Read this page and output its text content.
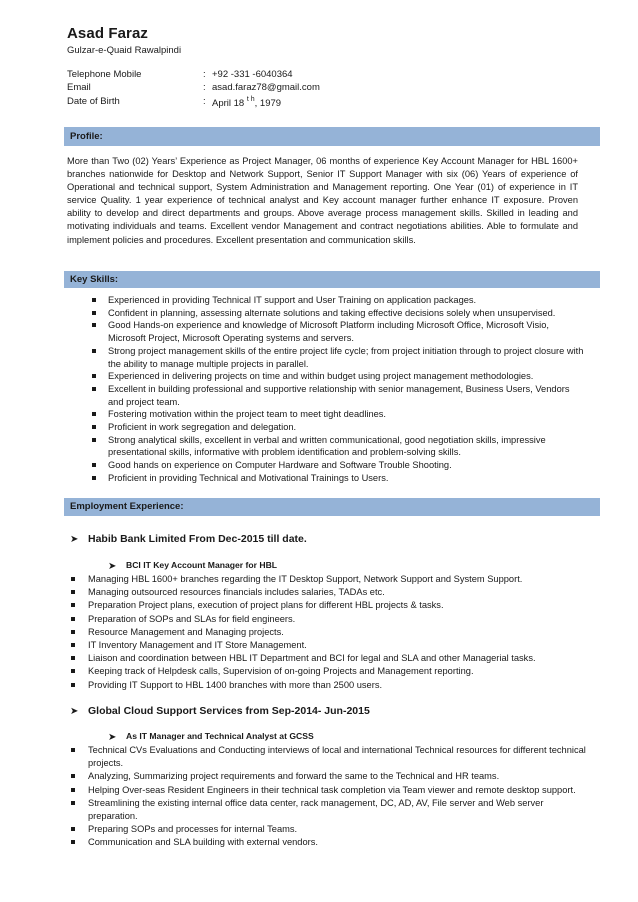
Asad Faraz
Gulzar-e-Quaid Rawalpindi
Telephone Mobile	: +92 -331 -6040364
Email	: asad.faraz78@gmail.com
Date of Birth	: April 18 $^{t h}$, 1979
Profile:

More than Two (02) Years’ Experience as Project Manager, 06 months of experience Key Account Manager for HBL 1600+ branches nationwide for Desktop and Network Support, Senior IT Support Manager with six (06) Years of experience of Operational and technical support, System Administration and Management reporting. One Year (01) of experience in IT service Quality. 1 year experience of technical analyst and Key account manager further enhance IT exposure. Proven ability to develop and direct departments and groups. Above average process management skills. Skilled in leading and motivating individuals and teams. Excellent vendor Management and contract negotiations abilities. Able to formulate and implement policies and procedures. Excellent presentation and communication skills.

Key Skills:
Experienced in providing Technical IT support and User Training on application packages.
Confident in planning, assessing alternate solutions and taking effective decisions solely when unsupervised.
Good Hands-on experience and knowledge of Microsoft Platform including Microsoft Office, Microsoft Visio, Microsoft Project, Microsoft Operating systems and servers.
Strong project management skills of the entire project life cycle; from project initiation through to project closure with the ability to manage multiple projects in parallel.
Experienced in delivering projects on time and within budget using project management methodologies.
Excellent in building professional and supportive relationship with senior management, Business Users, Vendors and project team.
Fostering motivation within the project team to meet tight deadlines.
Proficient in work segregation and delegation.
Strong analytical skills, excellent in verbal and written communicational, good negotiation skills, impressive presentational skills, informative with problem identification and problem-solving skills.
Good hands on experience on Computer Hardware and Software Trouble Shooting.
Proficient in providing Technical and Motivational Trainings to Users.
Employment Experience:
➤ Habib Bank Limited From Dec-2015 till date.
➤ BCI IT Key Account Manager for HBL
Managing HBL 1600+ branches regarding the IT Desktop Support, Network Support and System Support.
Managing outsourced resources financials includes salaries, TADAs etc.
Preparation Project plans, execution of project plans for different HBL projects & tasks.
Preparation of SOPs and SLAs for field engineers.
Resource Management and Managing projects.
IT Inventory Management and IT Store Management.
Liaison and coordination between HBL IT Department and BCI for legal and SLA and other Managerial tasks.
Keeping track of Helpdesk calls, Supervision of on-going Projects and Management reporting.
Providing IT Support to HBL 1400 branches with more than 2500 users.
➤ Global Cloud Support Services from Sep-2014- Jun-2015
➤ As IT Manager and Technical Analyst at GCSS
Technical CVs Evaluations and Conducting interviews of local and international Technical resources for different technical projects.
Analyzing, Summarizing project requirements and forward the same to the Technical and HR teams.
Helping Over-seas Resident Engineers in their technical task completion via Team viewer and remote desktop support.
Streamlining the existing internal office data center, rack management, DC, AD, AV, File server and Web server preparation.
Preparing SOPs and processes for internal Teams.
Communication and SLA building with external vendors.
